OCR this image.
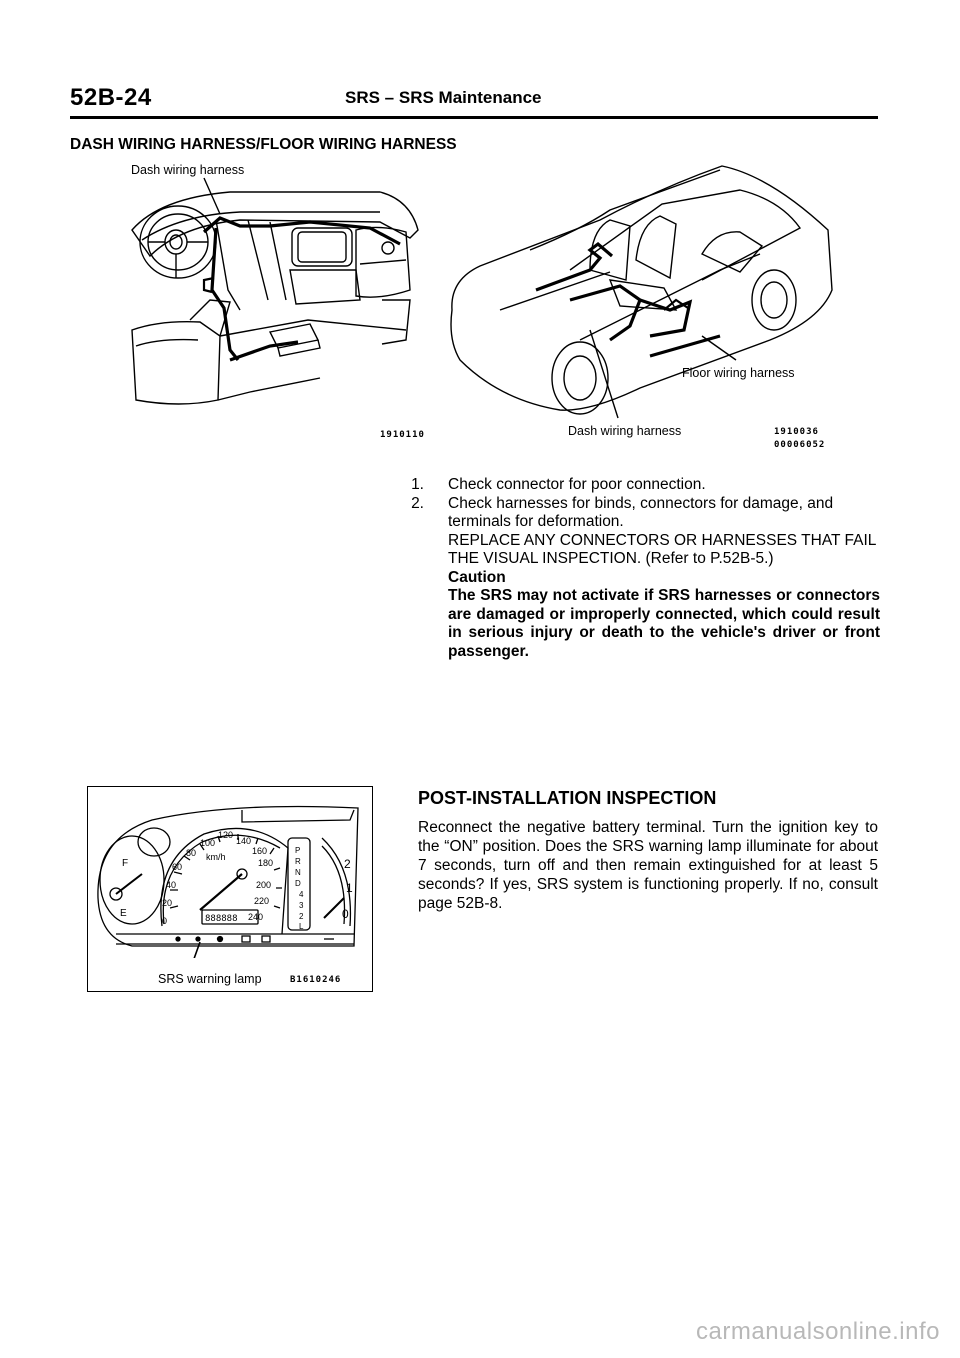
52B-24	SRS – SRS Maintenance
DASH WIRING HARNESS/FLOOR WIRING HARNESS
Dash wiring harness
1910110
Floor wiring harness
Dash wiring harness	1910036
00006052
1.	Check connector for poor connection.
2.	Check harnesses for binds, connectors for damage, and terminals for deformation.
REPLACE ANY CONNECTORS OR HARNESSES THAT FAIL THE VISUAL INSPECTION. (Refer to P.52B-5.)
Caution
The SRS may not activate if SRS harnesses or connectors are damaged or improperly connected, which could result in serious injury or death to the vehicle's driver or front passenger.
0
20
40
60
80
100
120
140
160
180
200
220
240
km/h
888888
P
R
N
D
4
3
2
L
2
1
0
F
E
SRS warning lamp	B1610246
POST-INSTALLATION INSPECTION
Reconnect the negative battery terminal. Turn the ignition key to the “ON” position. Does the SRS warning lamp illuminate for about 7 seconds, turn off and then remain extinguished for at least 5 seconds? If yes, SRS system is functioning properly. If no, consult page 52B-8.
carmanualsonline.info
